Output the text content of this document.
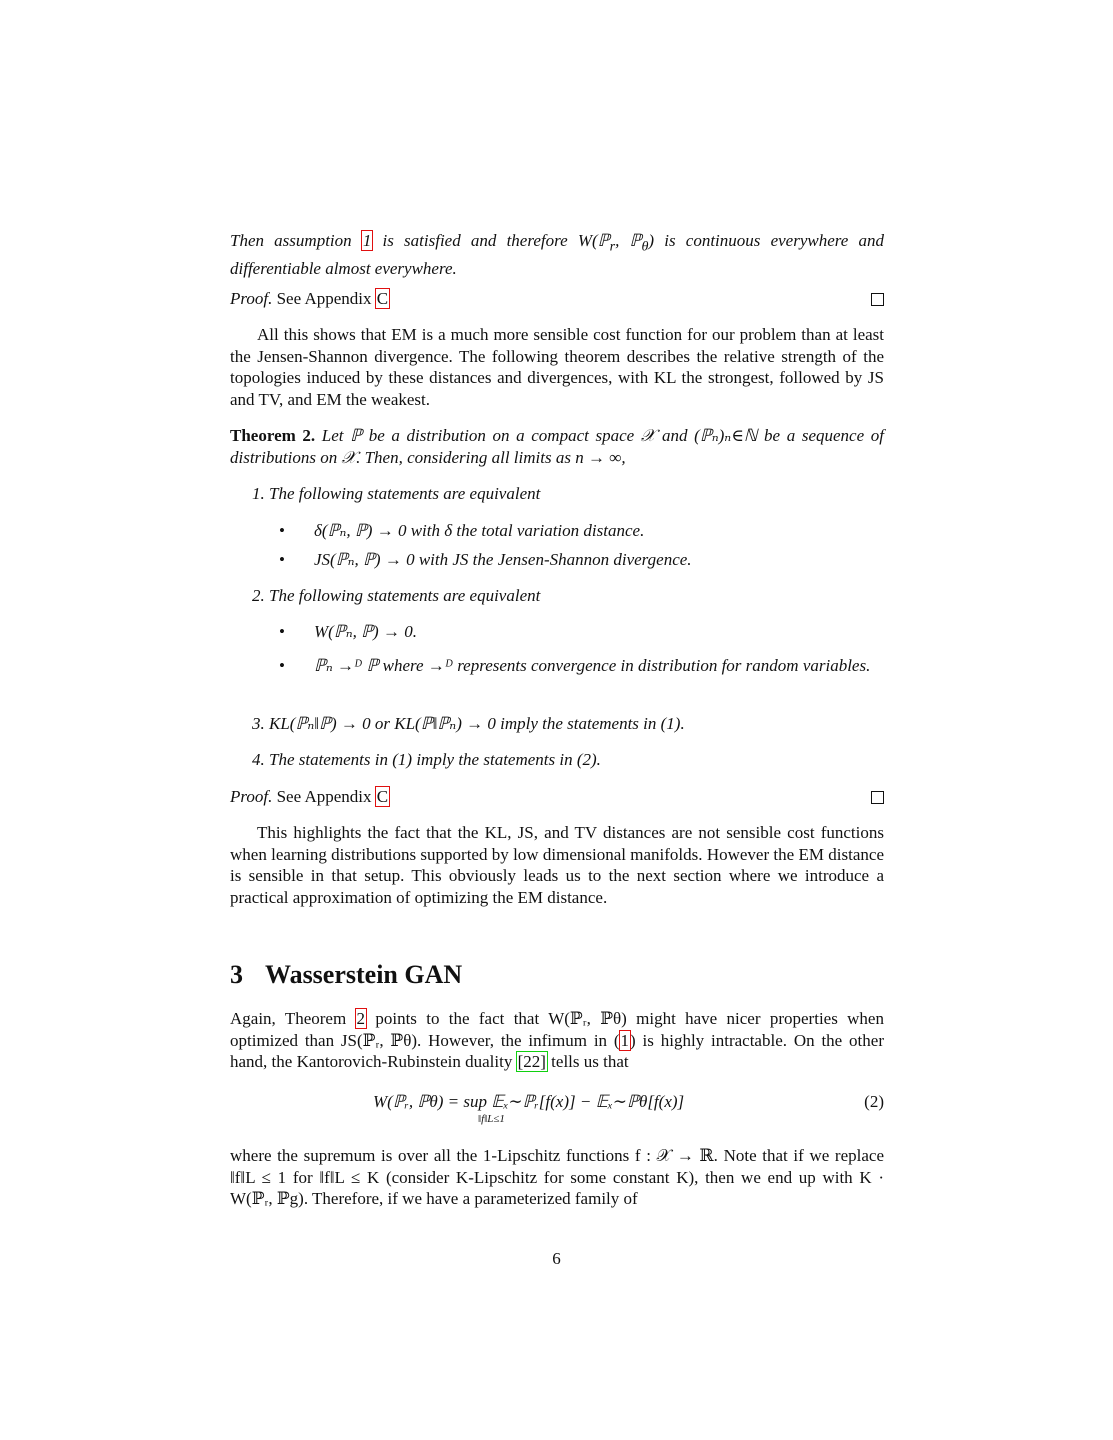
Then assumption 1 is satisfied and therefore W(ℙ$_r$, ℙ$_\theta$) is continuous everywhere and differentiable almost everywhere.
Proof. See Appendix C
All this shows that EM is a much more sensible cost function for our problem than at least the Jensen-Shannon divergence. The following theorem describes the relative strength of the topologies induced by these distances and divergences, with KL the strongest, followed by JS and TV, and EM the weakest.
Theorem 2. Let ℙ be a distribution on a compact space 𝒳 and (ℙₙ)ₙ∈ℕ be a sequence of distributions on 𝒳. Then, considering all limits as n → ∞,
1. The following statements are equivalent
•	δ(ℙₙ, ℙ) → 0 with δ the total variation distance.
•	JS(ℙₙ, ℙ) → 0 with JS the Jensen-Shannon divergence.
2. The following statements are equivalent
•	W(ℙₙ, ℙ) → 0.
•	ℙₙ →ᴰ ℙ where →ᴰ represents convergence in distribution for random variables.
3. KL(ℙₙ‖ℙ) → 0 or KL(ℙ‖ℙₙ) → 0 imply the statements in (1).
4. The statements in (1) imply the statements in (2).
Proof. See Appendix C
This highlights the fact that the KL, JS, and TV distances are not sensible cost functions when learning distributions supported by low dimensional manifolds. However the EM distance is sensible in that setup. This obviously leads us to the next section where we introduce a practical approximation of optimizing the EM distance.
3 Wasserstein GAN
Again, Theorem 2 points to the fact that W(ℙᵣ, ℙθ) might have nicer properties when optimized than JS(ℙᵣ, ℙθ). However, the infimum in (1) is highly intractable. On the other hand, the Kantorovich-Rubinstein duality [22] tells us that
W(ℙᵣ, ℙθ) = sup 𝔼ₓ∼ℙᵣ[f(x)] − 𝔼ₓ∼ℙθ[f(x)]
‖f‖L≤1
(2)
where the supremum is over all the 1-Lipschitz functions f : 𝒳 → ℝ. Note that if we replace ‖f‖L ≤ 1 for ‖f‖L ≤ K (consider K-Lipschitz for some constant K), then we end up with K · W(ℙᵣ, ℙg). Therefore, if we have a parameterized family of
6
